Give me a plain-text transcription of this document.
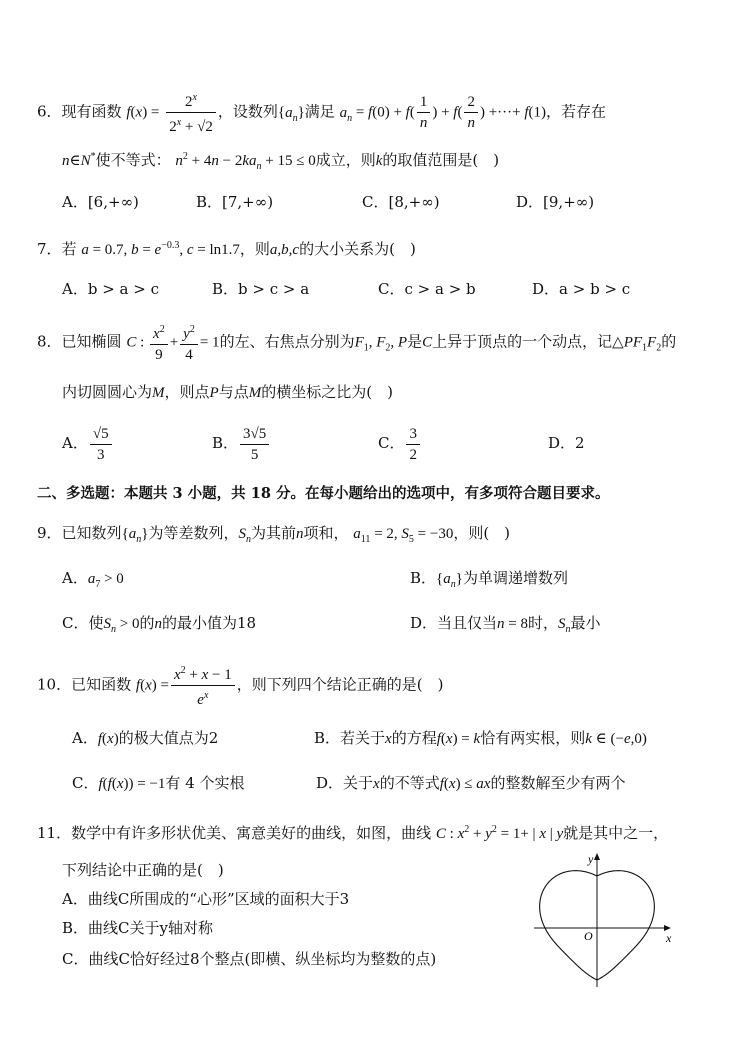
6．现有函数 $f(x) = \frac{2^x}{2^x + √2}$ ，设数列$\{a_n\}$满足 $a_n = f(0) + f( \frac{1}{n}$ ) + $f( \frac{2}{n}$ ) +···+ f(1)，若存在
n∈N*使不等式： $n^2 + 4n - 2ka_n + 15 \le 0$成立，则k的取值范围是(　)
A．[6,+∞)	B．[7,+∞)	C．[8,+∞)	D．[9,+∞)
7．若 a = 0.7, $b = e^{-0.3}$, c = ln1.7，则a,b,c的大小关系为(　)
A．b > a > c	B．b > c > a	C．c > a > b	D．a > b > c
8．已知椭圆 C : $\frac{x^2}{9} + \frac{y^2}{4} = 1$的左、右焦点分别为$F_1$, $F_2$, P是C上异于顶点的一个动点，记$\triangle PF_1F_2$的
内切圆圆心为M，则点P与点M的横坐标之比为(　)
A． $\frac{√5}{3}$	B． $\frac{3√5}{5}$	C． $\frac{3}{2}$	D．2
二、多选题：本题共 3 小题，共 18 分。在每小题给出的选项中，有多项符合题目要求。
9．已知数列$\{a_n\}$为等差数列，$S_n$为其前n项和， $a_{11} = 2$, $S_5 = -30$，则(　)
A．$a_7 > 0$	B．$\{a_n\}$为单调递增数列
C．使$S_n > 0$的n的最小值为18	D．当且仅当n = 8时，$S_n$最小
10．已知函数 $f(x) = \frac{x^2 + x - 1}{e^x}$ ，则下列四个结论正确的是(　)
A．f(x)的极大值点为2	B．若关于x的方程f(x) = k恰有两实根，则k ∈ (−e,0)
C．f(f(x)) = −1有 4 个实根	D．关于x的不等式f(x) ≤ ax的整数解至少有两个
11．数学中有许多形状优美、寓意美好的曲线，如图，曲线 C : $x^2 + y^2 = 1+$ | x | y就是其中之一，
下列结论中正确的是(　)
A．曲线C所围成的“心形”区域的面积大于3
B．曲线C关于y轴对称
C．曲线C恰好经过8个整点(即横、纵坐标均为整数的点)
x
y
O
